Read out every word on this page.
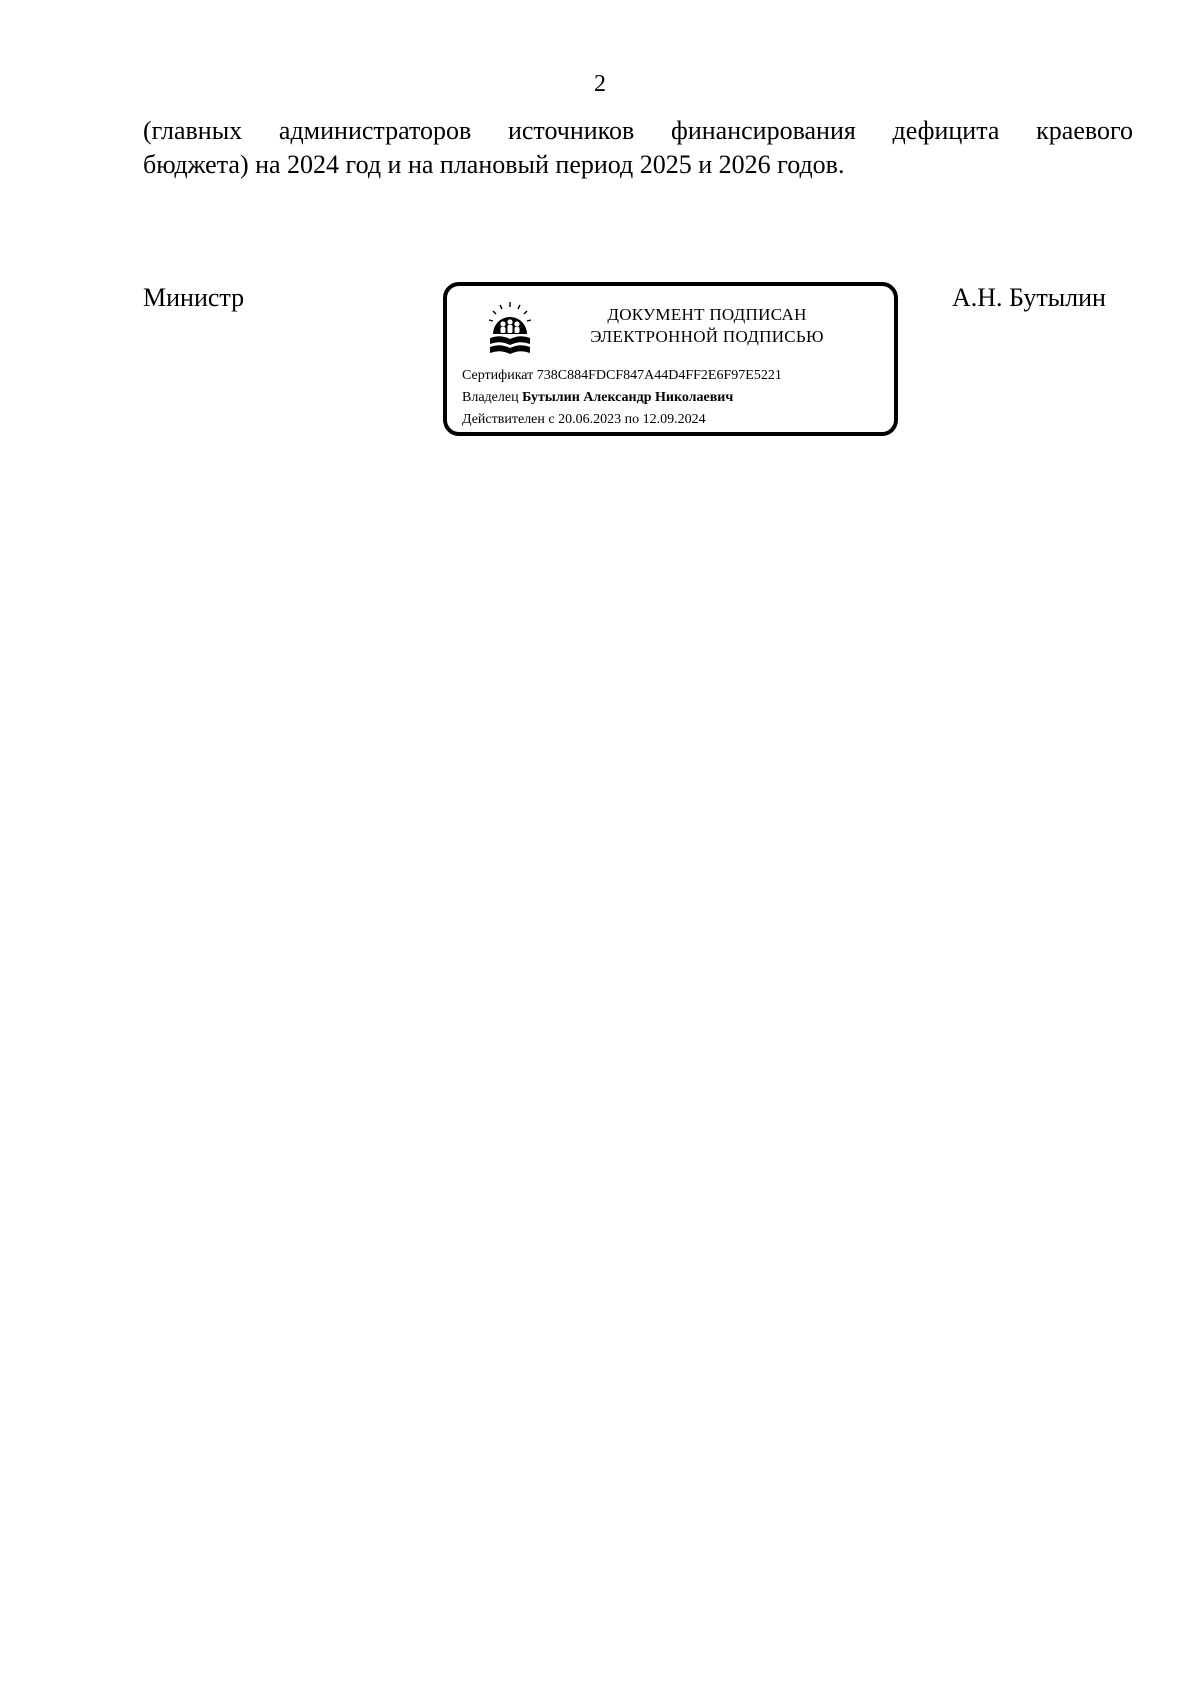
2
(главных администраторов источников финансирования дефицита краевого
бюджета) на 2024 год и на плановый период 2025 и 2026 годов.
Министр
ДОКУМЕНТ ПОДПИСАН
ЭЛЕКТРОННОЙ ПОДПИСЬЮ
Сертификат 738C884FDCF847A44D4FF2E6F97E5221
Владелец Бутылин Александр Николаевич
Действителен с 20.06.2023 по 12.09.2024
А.Н. Бутылин
